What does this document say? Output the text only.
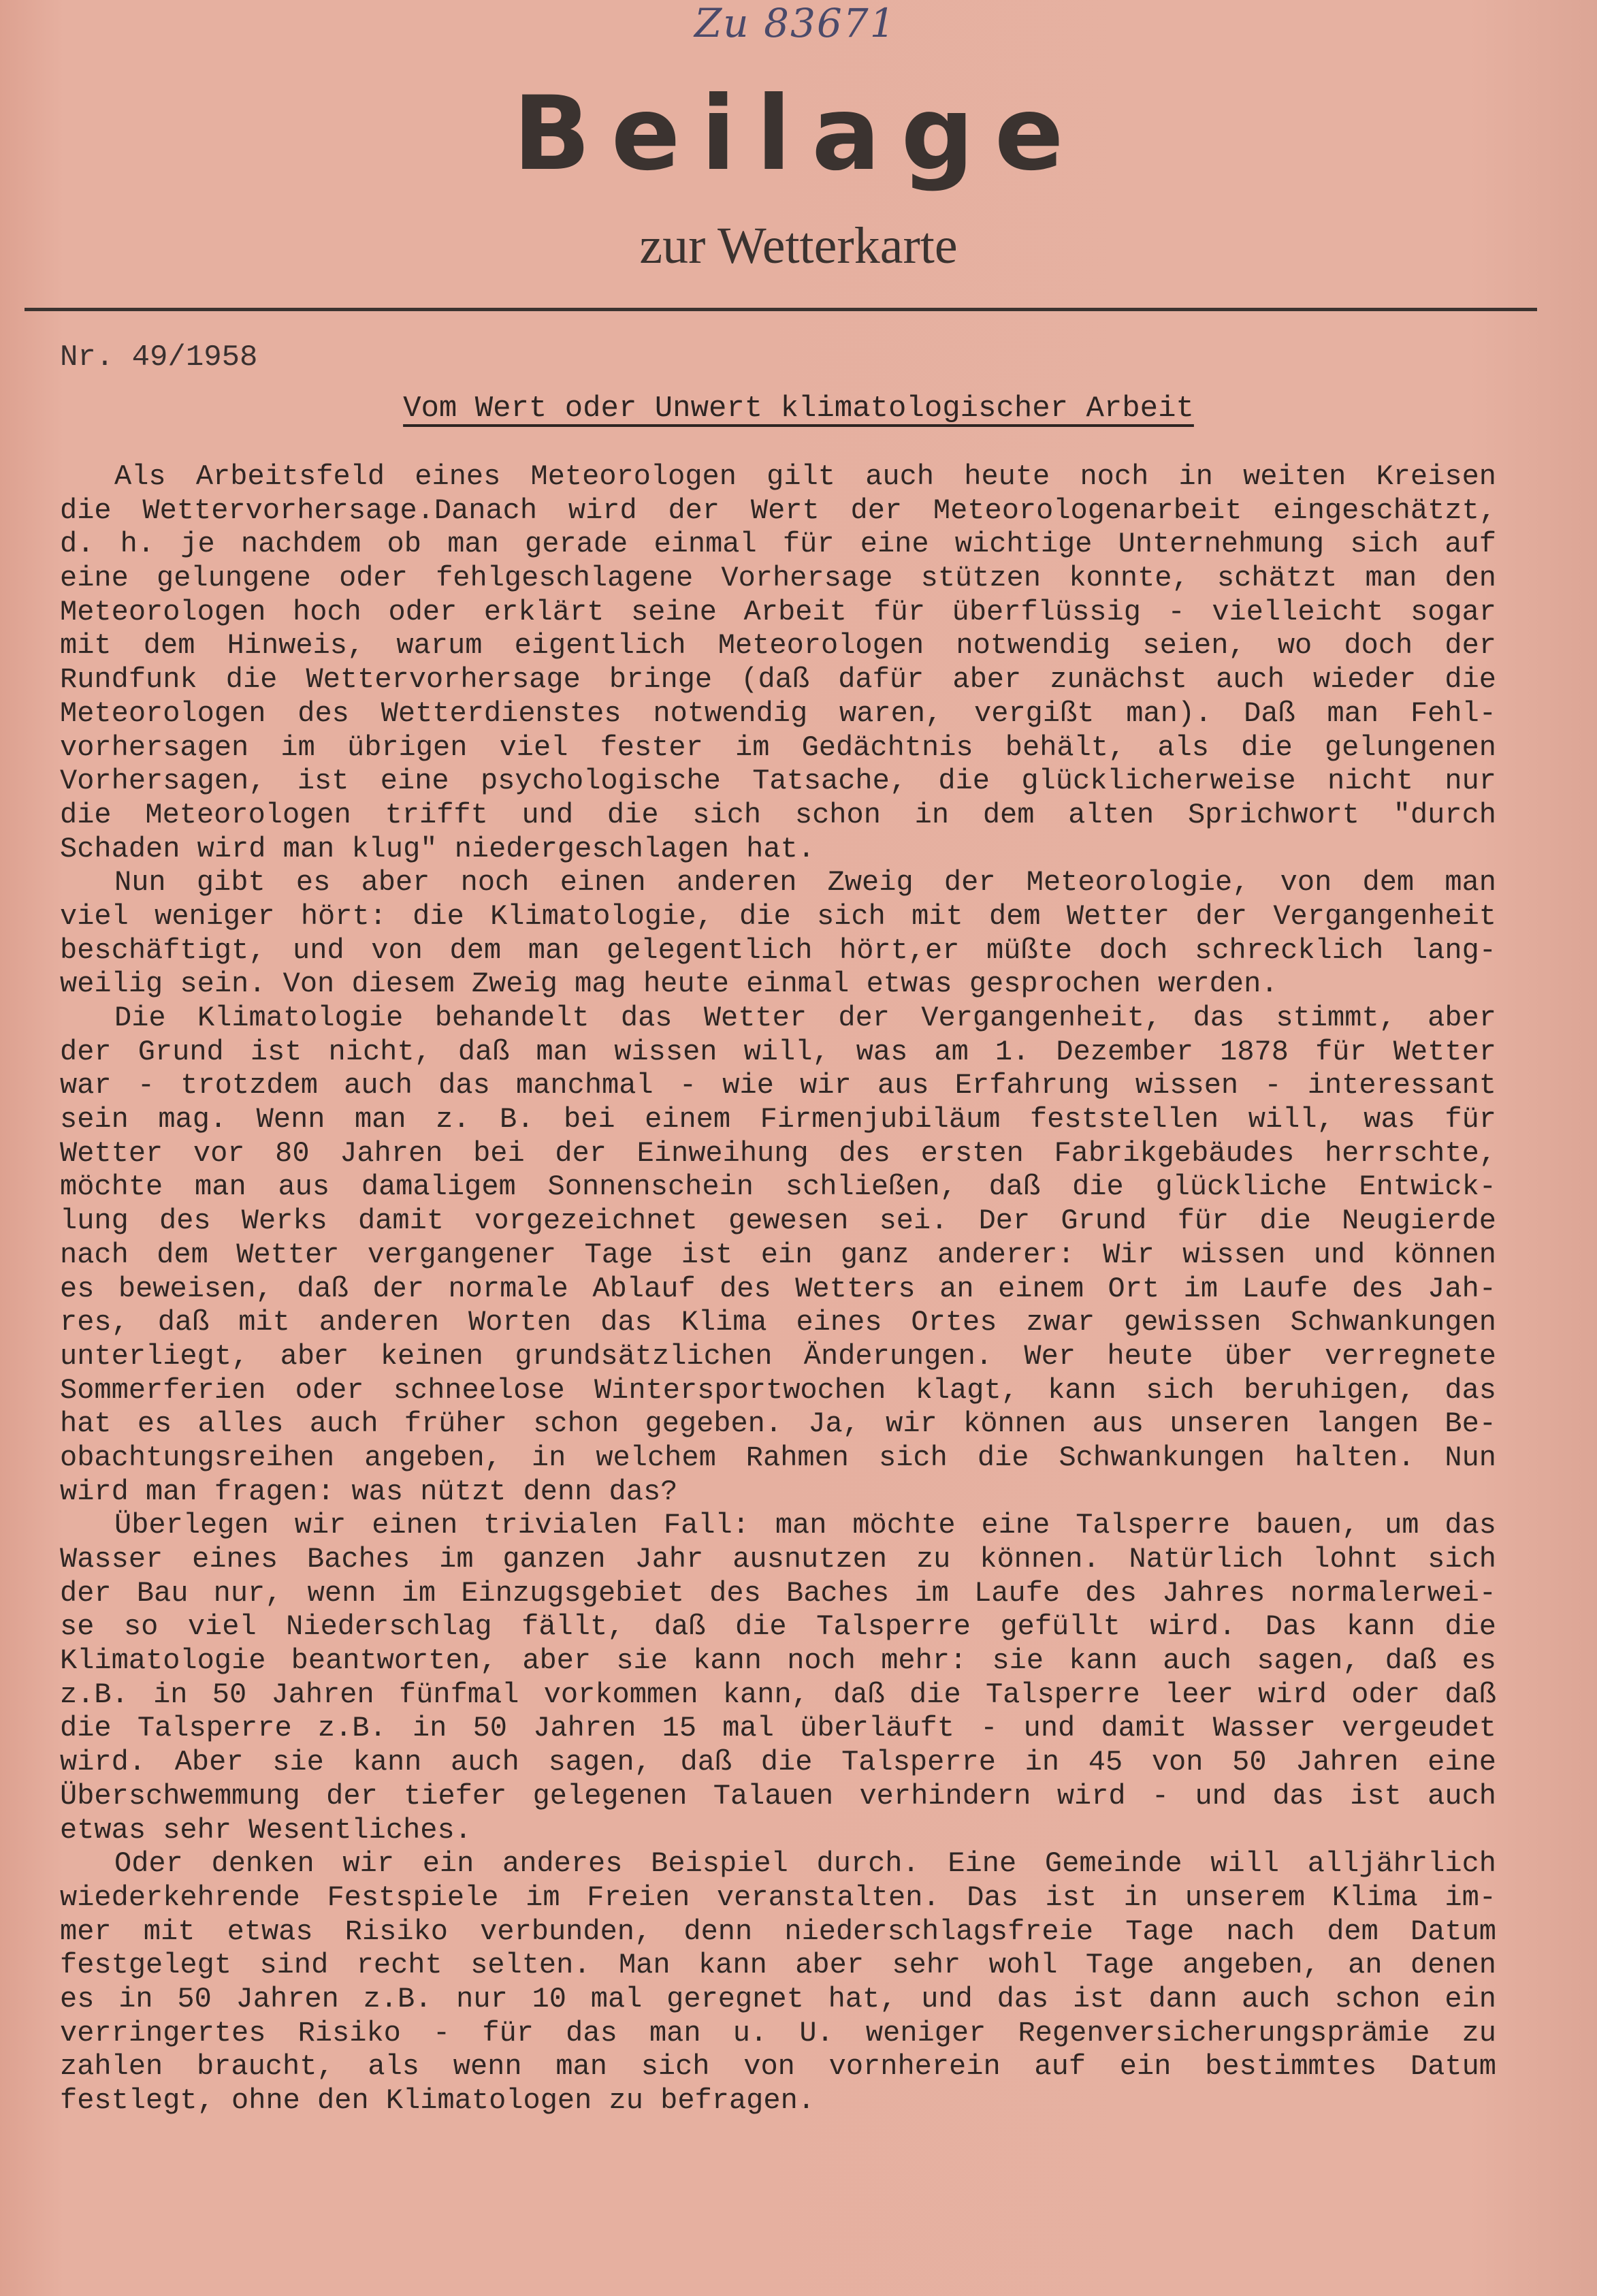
Zu 83671
Beilage
zur Wetterkarte
Nr. 49/1958
Vom Wert oder Unwert klimatologischer Arbeit
Als Arbeitsfeld eines Meteorologen gilt auch heute noch in weiten Kreisen
die Wettervorhersage.Danach wird der Wert der Meteorologenarbeit eingeschätzt,
d. h. je nachdem ob man gerade einmal für eine wichtige Unternehmung sich auf
eine gelungene oder fehlgeschlagene Vorhersage stützen konnte, schätzt man den
Meteorologen hoch oder erklärt seine Arbeit für überflüssig - vielleicht sogar
mit dem Hinweis, warum eigentlich Meteorologen notwendig seien, wo doch der
Rundfunk die Wettervorhersage bringe (daß dafür aber zunächst auch wieder die
Meteorologen des Wetterdienstes notwendig waren, vergißt man). Daß man Fehl-
vorhersagen im übrigen viel fester im Gedächtnis behält, als die gelungenen
Vorhersagen, ist eine psychologische Tatsache, die glücklicherweise nicht nur
die Meteorologen trifft und die sich schon in dem alten Sprichwort "durch
Schaden wird man klug" niedergeschlagen hat.
Nun gibt es aber noch einen anderen Zweig der Meteorologie, von dem man
viel weniger hört: die Klimatologie, die sich mit dem Wetter der Vergangenheit
beschäftigt, und von dem man gelegentlich hört,er müßte doch schrecklich lang-
weilig sein. Von diesem Zweig mag heute einmal etwas gesprochen werden.
Die Klimatologie behandelt das Wetter der Vergangenheit, das stimmt, aber
der Grund ist nicht, daß man wissen will, was am 1. Dezember 1878 für Wetter
war - trotzdem auch das manchmal - wie wir aus Erfahrung wissen - interessant
sein mag. Wenn man z. B. bei einem Firmenjubiläum feststellen will, was für
Wetter vor 80 Jahren bei der Einweihung des ersten Fabrikgebäudes herrschte,
möchte man aus damaligem Sonnenschein schließen, daß die glückliche Entwick-
lung des Werks damit vorgezeichnet gewesen sei. Der Grund für die Neugierde
nach dem Wetter vergangener Tage ist ein ganz anderer: Wir wissen und können
es beweisen, daß der normale Ablauf des Wetters an einem Ort im Laufe des Jah-
res, daß mit anderen Worten das Klima eines Ortes zwar gewissen Schwankungen
unterliegt, aber keinen grundsätzlichen Änderungen. Wer heute über verregnete
Sommerferien oder schneelose Wintersportwochen klagt, kann sich beruhigen, das
hat es alles auch früher schon gegeben. Ja, wir können aus unseren langen Be-
obachtungsreihen angeben, in welchem Rahmen sich die Schwankungen halten. Nun
wird man fragen: was nützt denn das?
Überlegen wir einen trivialen Fall: man möchte eine Talsperre bauen, um das
Wasser eines Baches im ganzen Jahr ausnutzen zu können. Natürlich lohnt sich
der Bau nur, wenn im Einzugsgebiet des Baches im Laufe des Jahres normalerwei-
se so viel Niederschlag fällt, daß die Talsperre gefüllt wird. Das kann die
Klimatologie beantworten, aber sie kann noch mehr: sie kann auch sagen, daß es
z.B. in 50 Jahren fünfmal vorkommen kann, daß die Talsperre leer wird oder daß
die Talsperre z.B. in 50 Jahren 15 mal überläuft - und damit Wasser vergeudet
wird. Aber sie kann auch sagen, daß die Talsperre in 45 von 50 Jahren eine
Überschwemmung der tiefer gelegenen Talauen verhindern wird - und das ist auch
etwas sehr Wesentliches.
Oder denken wir ein anderes Beispiel durch. Eine Gemeinde will alljährlich
wiederkehrende Festspiele im Freien veranstalten. Das ist in unserem Klima im-
mer mit etwas Risiko verbunden, denn niederschlagsfreie Tage nach dem Datum
festgelegt sind recht selten. Man kann aber sehr wohl Tage angeben, an denen
es in 50 Jahren z.B. nur 10 mal geregnet hat, und das ist dann auch schon ein
verringertes Risiko - für das man u. U. weniger Regenversicherungsprämie zu
zahlen braucht, als wenn man sich von vornherein auf ein bestimmtes Datum
festlegt, ohne den Klimatologen zu befragen.
